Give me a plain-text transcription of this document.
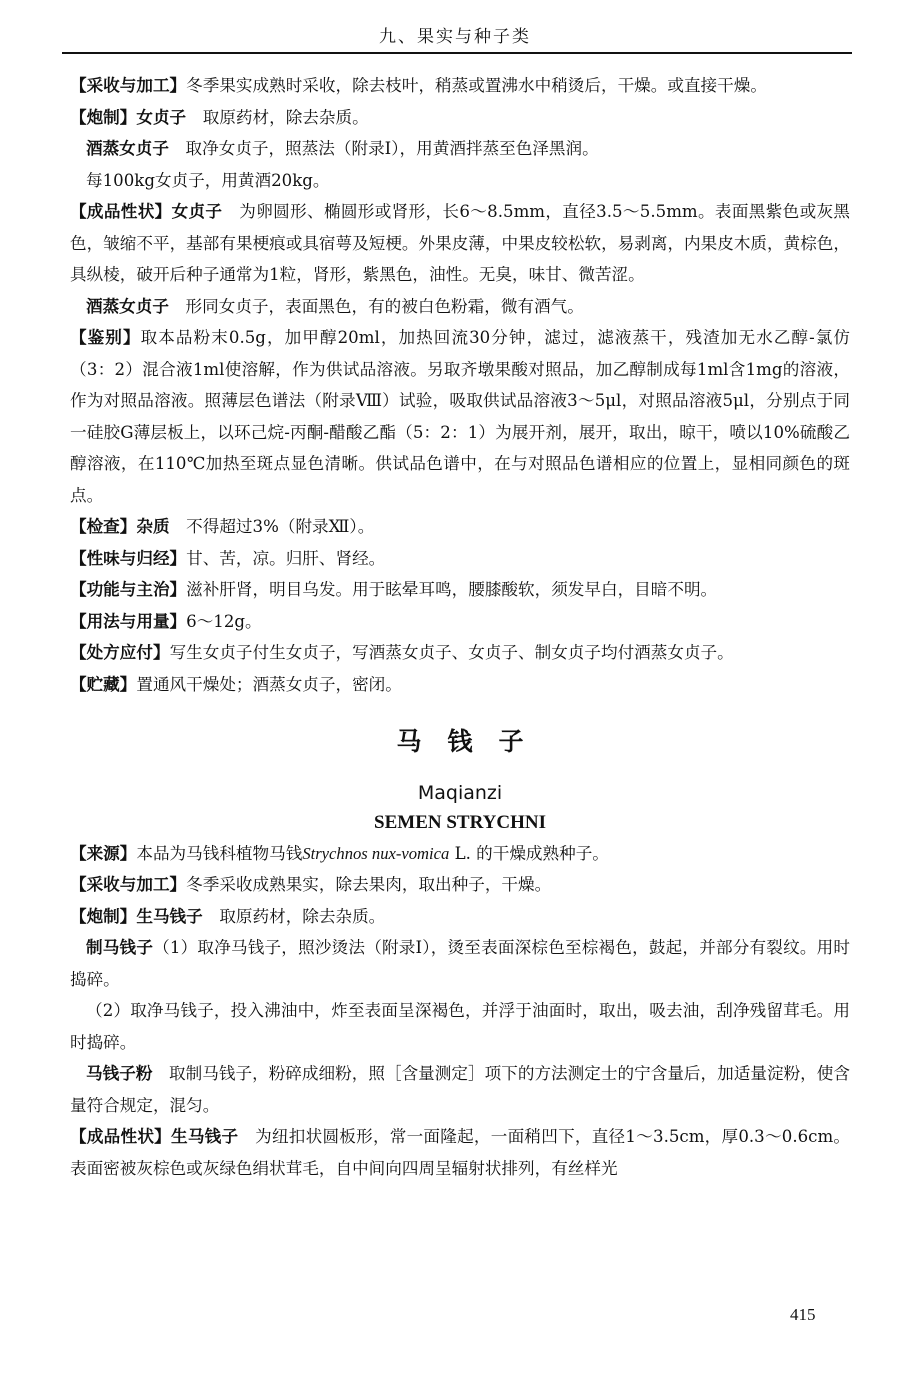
九、果实与种子类

【采收与加工】冬季果实成熟时采收，除去枝叶，稍蒸或置沸水中稍烫后，干燥。或直接干燥。

【炮制】女贞子　取原药材，除去杂质。

酒蒸女贞子　取净女贞子，照蒸法（附录Ⅰ），用黄酒拌蒸至色泽黑润。

每100kg女贞子，用黄酒20kg。

【成品性状】女贞子　为卵圆形、椭圆形或肾形，长6～8.5mm，直径3.5～5.5mm。表面黑紫色或灰黑色，皱缩不平，基部有果梗痕或具宿萼及短梗。外果皮薄，中果皮较松软，易剥离，内果皮木质，黄棕色，具纵棱，破开后种子通常为1粒，肾形，紫黑色，油性。无臭，味甘、微苦涩。

酒蒸女贞子　形同女贞子，表面黑色，有的被白色粉霜，微有酒气。

【鉴别】取本品粉末0.5g，加甲醇20ml，加热回流30分钟，滤过，滤液蒸干，残渣加无水乙醇-氯仿（3：2）混合液1ml使溶解，作为供试品溶液。另取齐墩果酸对照品，加乙醇制成每1ml含1mg的溶液，作为对照品溶液。照薄层色谱法（附录Ⅷ）试验，吸取供试品溶液3～5μl，对照品溶液5μl，分别点于同一硅胶G薄层板上，以环己烷-丙酮-醋酸乙酯（5：2：1）为展开剂，展开，取出，晾干，喷以10%硫酸乙醇溶液，在110℃加热至斑点显色清晰。供试品色谱中，在与对照品色谱相应的位置上，显相同颜色的斑点。

【检查】杂质　不得超过3%（附录Ⅻ）。

【性味与归经】甘、苦，凉。归肝、肾经。

【功能与主治】滋补肝肾，明目乌发。用于眩晕耳鸣，腰膝酸软，须发早白，目暗不明。

【用法与用量】6～12g。

【处方应付】写生女贞子付生女贞子，写酒蒸女贞子、女贞子、制女贞子均付酒蒸女贞子。

【贮藏】置通风干燥处；酒蒸女贞子，密闭。

马钱子
Maqianzi
SEMEN STRYCHNI

【来源】本品为马钱科植物马钱Strychnos nux-vomica L. 的干燥成熟种子。

【采收与加工】冬季采收成熟果实，除去果肉，取出种子，干燥。

【炮制】生马钱子　取原药材，除去杂质。

制马钱子（1）取净马钱子，照沙烫法（附录Ⅰ），烫至表面深棕色至棕褐色，鼓起，并部分有裂纹。用时捣碎。

（2）取净马钱子，投入沸油中，炸至表面呈深褐色，并浮于油面时，取出，吸去油，刮净残留茸毛。用时捣碎。

马钱子粉　取制马钱子，粉碎成细粉，照［含量测定］项下的方法测定士的宁含量后，加适量淀粉，使含量符合规定，混匀。

【成品性状】生马钱子　为纽扣状圆板形，常一面隆起，一面稍凹下，直径1～3.5cm，厚0.3～0.6cm。表面密被灰棕色或灰绿色绢状茸毛，自中间向四周呈辐射状排列，有丝样光

415
